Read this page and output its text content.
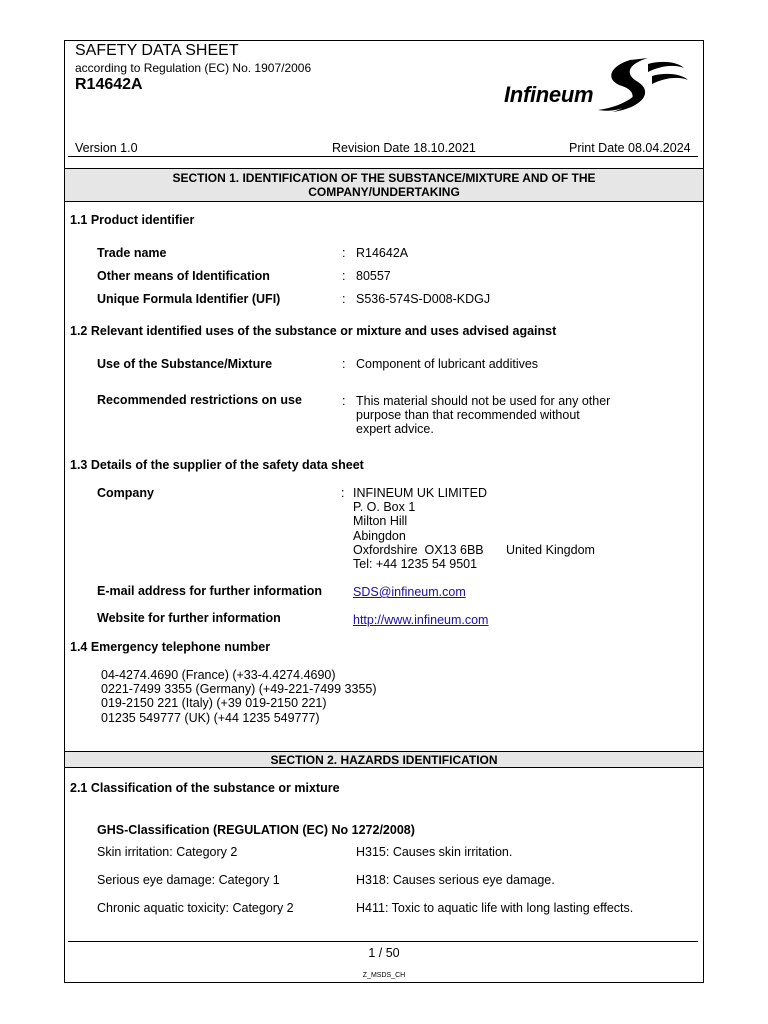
SAFETY DATA SHEET
according to Regulation (EC) No. 1907/2006
R14642A	Infineum
Version 1.0	Revision Date 18.10.2021	Print Date 08.04.2024
SECTION 1. IDENTIFICATION OF THE SUBSTANCE/MIXTURE AND OF THE
COMPANY/UNDERTAKING
1.1 Product identifier
Trade name	: R14642A
Other means of Identification	: 80557
Unique Formula Identifier (UFI)	: S536-574S-D008-KDGJ
1.2 Relevant identified uses of the substance or mixture and uses advised against
Use of the Substance/Mixture	: Component of lubricant additives
Recommended restrictions on use	: This material should not be used for any other
purpose than that recommended without
expert advice.
1.3 Details of the supplier of the safety data sheet
Company	: INFINEUM UK LIMITED
P. O. Box 1
Milton Hill
Abingdon
Oxfordshire  OX13 6BB United Kingdom
Tel: +44 1235 54 9501
E-mail address for further information SDS@infineum.com
Website for further information	http://www.infineum.com
1.4 Emergency telephone number
04-4274.4690 (France) (+33-4.4274.4690)
0221-7499 3355 (Germany) (+49-221-7499 3355)
019-2150 221 (Italy) (+39 019-2150 221)
01235 549777 (UK) (+44 1235 549777)
SECTION 2. HAZARDS IDENTIFICATION
2.1 Classification of the substance or mixture
GHS-Classification (REGULATION (EC) No 1272/2008)
Skin irritation: Category 2	H315: Causes skin irritation.
Serious eye damage: Category 1	H318: Causes serious eye damage.
Chronic aquatic toxicity: Category 2	H411: Toxic to aquatic life with long lasting effects.
1 / 50
Z_MSDS_CH
